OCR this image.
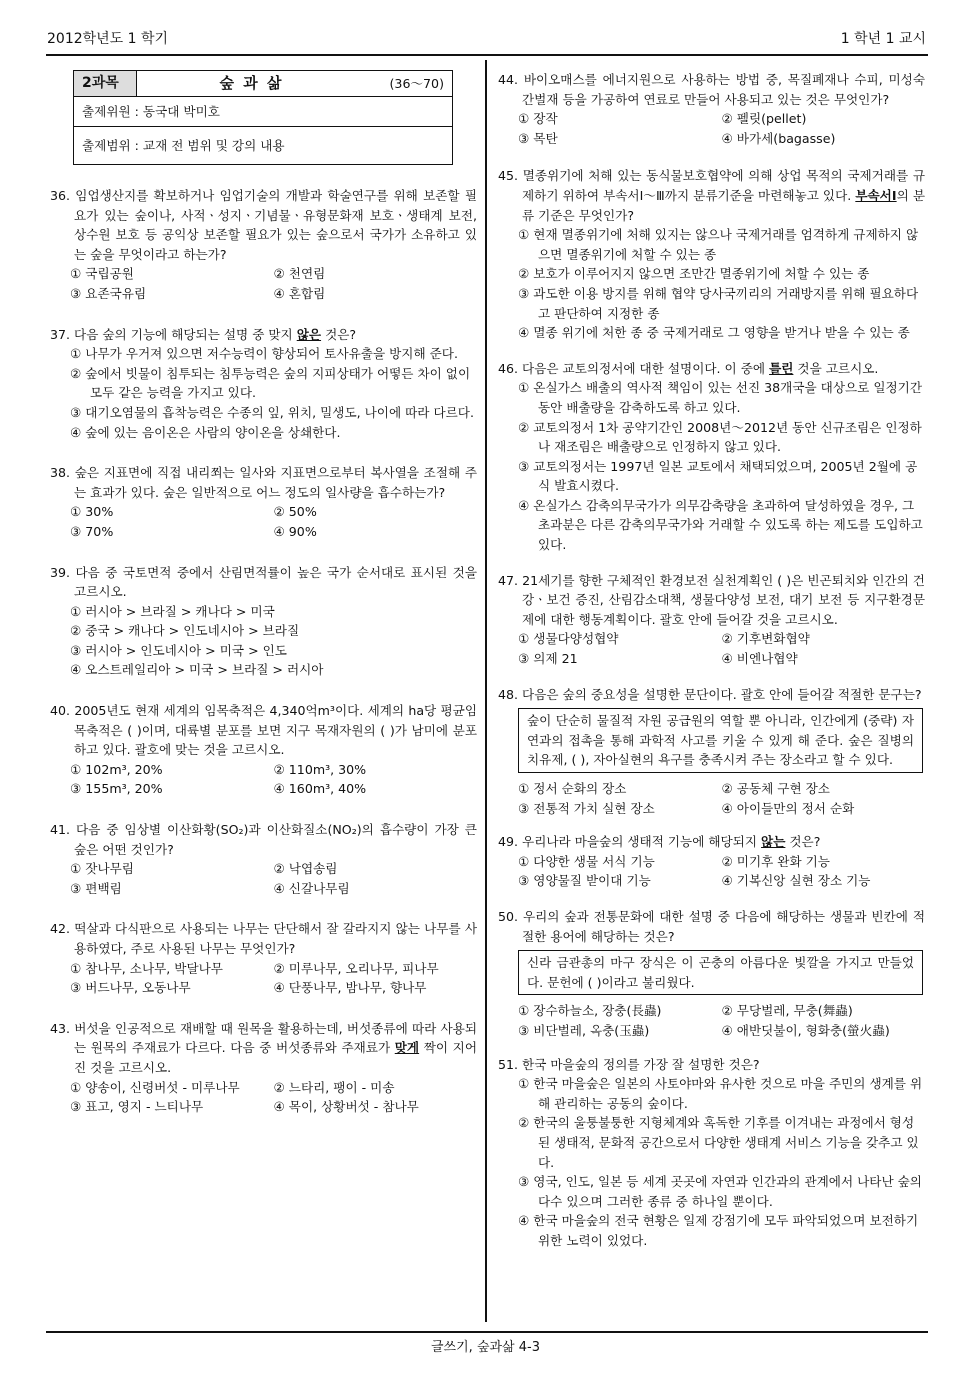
2012학년도 1 학기	1 학년 1 교시
2과목	숲 과 삶	(36～70)
출제위원 : 동국대 박미호
출제범위 : 교재 전 범위 및 강의 내용
36. 임업생산지를 확보하거나 임업기술의 개발과 학술연구를 위해 보존할 필요가 있는 숲이나, 사적ㆍ성지ㆍ기념물ㆍ유형문화재 보호ㆍ생태계 보전, 상수원 보호 등 공익상 보존할 필요가 있는 숲으로서 국가가 소유하고 있는 숲을 무엇이라고 하는가?
① 국립공원	② 천연림
③ 요존국유림	④ 혼합림
37. 다음 숲의 기능에 해당되는 설명 중 맞지 않은 것은?
① 나무가 우거져 있으면 저수능력이 향상되어 토사유출을 방지해 준다.
② 숲에서 빗물이 침투되는 침투능력은 숲의 지피상태가 어떻든 차이 없이 모두 같은 능력을 가지고 있다.
③ 대기오염물의 흡착능력은 수종의 잎, 위치, 밀생도, 나이에 따라 다르다.
④ 숲에 있는 음이온은 사람의 양이온을 상쇄한다.
38. 숲은 지표면에 직접 내리쬐는 일사와 지표면으로부터 복사열을 조절해 주는 효과가 있다. 숲은 일반적으로 어느 정도의 일사량을 흡수하는가?
① 30%	② 50%
③ 70%	④ 90%
39. 다음 중 국토면적 중에서 산림면적률이 높은 국가 순서대로 표시된 것을 고르시오.
① 러시아 > 브라질 > 캐나다 > 미국
② 중국 > 캐나다 > 인도네시아 > 브라질
③ 러시아 > 인도네시아 > 미국 > 인도
④ 오스트레일리아 > 미국 > 브라질 > 러시아
40. 2005년도 현재 세계의 임목축적은 4,340억m³이다. 세계의 ha당 평균임목축적은 ( )이며, 대륙별 분포를 보면 지구 목재자원의 ( )가 남미에 분포하고 있다. 괄호에 맞는 것을 고르시오.
① 102m³, 20%	② 110m³, 30%
③ 155m³, 20%	④ 160m³, 40%
41. 다음 중 임상별 이산화황(SO₂)과 이산화질소(NO₂)의 흡수량이 가장 큰 숲은 어떤 것인가?
① 잣나무림	② 낙엽송림
③ 편백림	④ 신갈나무림
42. 떡살과 다식판으로 사용되는 나무는 단단해서 잘 갈라지지 않는 나무를 사용하였다, 주로 사용된 나무는 무엇인가?
① 참나무, 소나무, 박달나무	② 미루나무, 오리나무, 피나무
③ 버드나무, 오동나무	④ 단풍나무, 밤나무, 향나무
43. 버섯을 인공적으로 재배할 때 원목을 활용하는데, 버섯종류에 따라 사용되는 원목의 주재료가 다르다. 다음 중 버섯종류와 주재료가 맞게 짝이 지어진 것을 고르시오.
① 양송이, 신령버섯 - 미루나무	② 느타리, 팽이 - 미송
③ 표고, 영지 - 느티나무	④ 목이, 상황버섯 - 참나무
44. 바이오매스를 에너지원으로 사용하는 방법 중, 목질폐재나 수피, 미성숙 간벌재 등을 가공하여 연료로 만들어 사용되고 있는 것은 무엇인가?
① 장작	② 펠릿(pellet)
③ 목탄	④ 바가세(bagasse)
45. 멸종위기에 처해 있는 동식물보호협약에 의해 상업 목적의 국제거래를 규제하기 위하여 부속서Ⅰ～Ⅲ까지 분류기준을 마련해놓고 있다. 부속서Ⅰ의 분류 기준은 무엇인가?
① 현재 멸종위기에 처해 있지는 않으나 국제거래를 엄격하게 규제하지 않으면 멸종위기에 처할 수 있는 종
② 보호가 이루어지지 않으면 조만간 멸종위기에 처할 수 있는 종
③ 과도한 이용 방지를 위해 협약 당사국끼리의 거래방지를 위해 필요하다고 판단하여 지정한 종
④ 멸종 위기에 처한 종 중 국제거래로 그 영향을 받거나 받을 수 있는 종
46. 다음은 교토의정서에 대한 설명이다. 이 중에 틀린 것을 고르시오.
① 온실가스 배출의 역사적 책임이 있는 선진 38개국을 대상으로 일정기간 동안 배출량을 감축하도록 하고 있다.
② 교토의정서 1차 공약기간인 2008년～2012년 동안 신규조림은 인정하나 재조림은 배출량으로 인정하지 않고 있다.
③ 교토의정서는 1997년 일본 교토에서 채택되었으며, 2005년 2월에 공식 발효시켰다.
④ 온실가스 감축의무국가가 의무감축량을 초과하여 달성하였을 경우, 그 초과분은 다른 감축의무국가와 거래할 수 있도록 하는 제도를 도입하고 있다.
47. 21세기를 향한 구체적인 환경보전 실천계획인 ( )은 빈곤퇴치와 인간의 건강ㆍ보건 증진, 산림감소대책, 생물다양성 보전, 대기 보전 등 지구환경문제에 대한 행동계획이다. 괄호 안에 들어갈 것을 고르시오.
① 생물다양성협약	② 기후변화협약
③ 의제 21	④ 비엔나협약
48. 다음은 숲의 중요성을 설명한 문단이다. 괄호 안에 들어갈 적절한 문구는?
숲이 단순히 물질적 자원 공급원의 역할 뿐 아니라, 인간에게 (중략) 자연과의 접촉을 통해 과학적 사고를 키울 수 있게 해 준다. 숲은 질병의 치유제, ( ), 자아실현의 욕구를 충족시켜 주는 장소라고 할 수 있다.
① 정서 순화의 장소	② 공동체 구현 장소
③ 전통적 가치 실현 장소	④ 아이들만의 정서 순화
49. 우리나라 마을숲의 생태적 기능에 해당되지 않는 것은?
① 다양한 생물 서식 기능	② 미기후 완화 기능
③ 영양물질 받이대 기능	④ 기복신앙 실현 장소 기능
50. 우리의 숲과 전통문화에 대한 설명 중 다음에 해당하는 생물과 빈칸에 적절한 용어에 해당하는 것은?
신라 금관총의 마구 장식은 이 곤충의 아름다운 빛깔을 가지고 만들었다. 문헌에 ( )이라고 불리웠다.
① 장수하늘소, 장충(長蟲)	② 무당벌레, 무충(舞蟲)
③ 비단벌레, 옥충(玉蟲)	④ 애반딧불이, 형화충(螢火蟲)
51. 한국 마을숲의 정의를 가장 잘 설명한 것은?
① 한국 마을숲은 일본의 사토야마와 유사한 것으로 마을 주민의 생계를 위해 관리하는 공동의 숲이다.
② 한국의 울퉁불퉁한 지형체계와 혹독한 기후를 이겨내는 과정에서 형성된 생태적, 문화적 공간으로서 다양한 생태계 서비스 기능을 갖추고 있다.
③ 영국, 인도, 일본 등 세계 곳곳에 자연과 인간과의 관계에서 나타난 숲의 다수 있으며 그러한 종류 중 하나일 뿐이다.
④ 한국 마을숲의 전국 현황은 일제 강점기에 모두 파악되었으며 보전하기 위한 노력이 있었다.
글쓰기, 숲과삶 4-3
